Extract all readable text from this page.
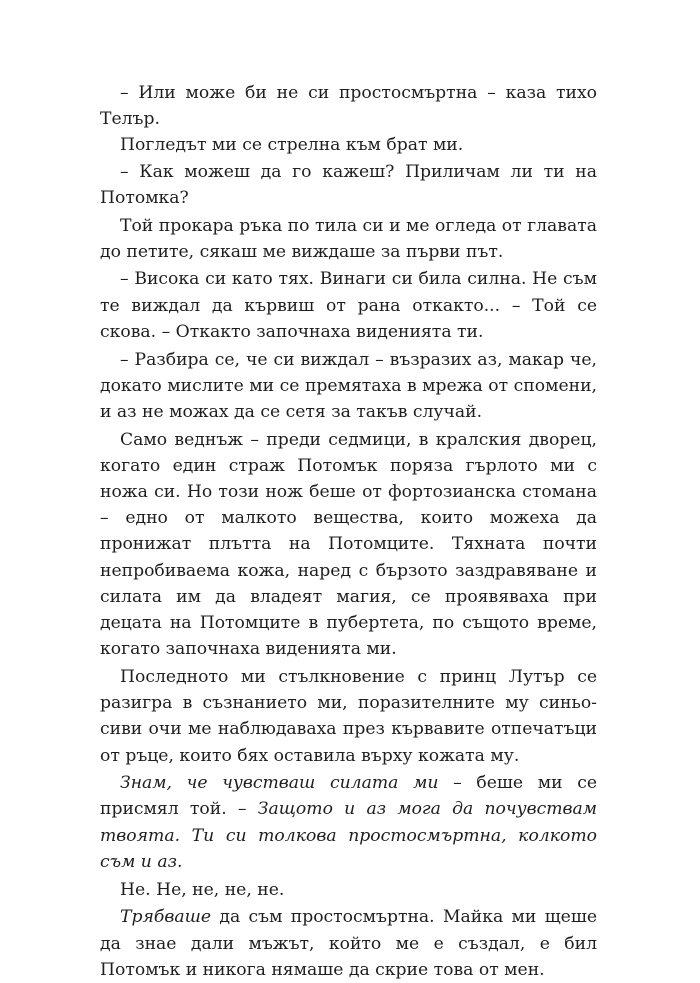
– Или може би не си простосмъртна – каза тихо Телър.

Погледът ми се стрелна към брат ми.

– Как можеш да го кажеш? Приличам ли ти на Потомка?

Той прокара ръка по тила си и ме огледа от главата до петите, сякаш ме виждаше за първи път.

– Висока си като тях. Винаги си била силна. Не съм те виждал да кървиш от рана откакто... – Той се скова. – Откакто започнаха виденията ти.

– Разбира се, че си виждал – възразих аз, макар че, докато мислите ми се премятаха в мрежа от спомени, и аз не можах да се сетя за такъв случай.

Само веднъж – преди седмици, в кралския дворец, когато един страж Потомък поряза гърлото ми с ножа си. Но този нож беше от фортозианска стомана – едно от малкото вещества, които можеха да пронижат плътта на Потомците. Тяхната почти непробиваема кожа, наред с бързото заздравяване и силата им да владеят магия, се проявяваха при децата на Потомците в пубертета, по същото време, когато започнаха виденията ми.

Последното ми стълкновение с принц Лутър се разигра в съзнанието ми, поразителните му синьо-сиви очи ме наблюдаваха през кървавите отпечатъци от ръце, които бях оставила върху кожата му.

Знам, че чувстваш силата ми – беше ми се присмял той. – Защото и аз мога да почувствам твоята. Ти си толкова простосмъртна, колкото съм и аз.

Не. Не, не, не, не.

Трябваше да съм простосмъртна. Майка ми щеше да знае дали мъжът, който ме е създал, е бил Потомък и никога нямаше да скрие това от мен.
